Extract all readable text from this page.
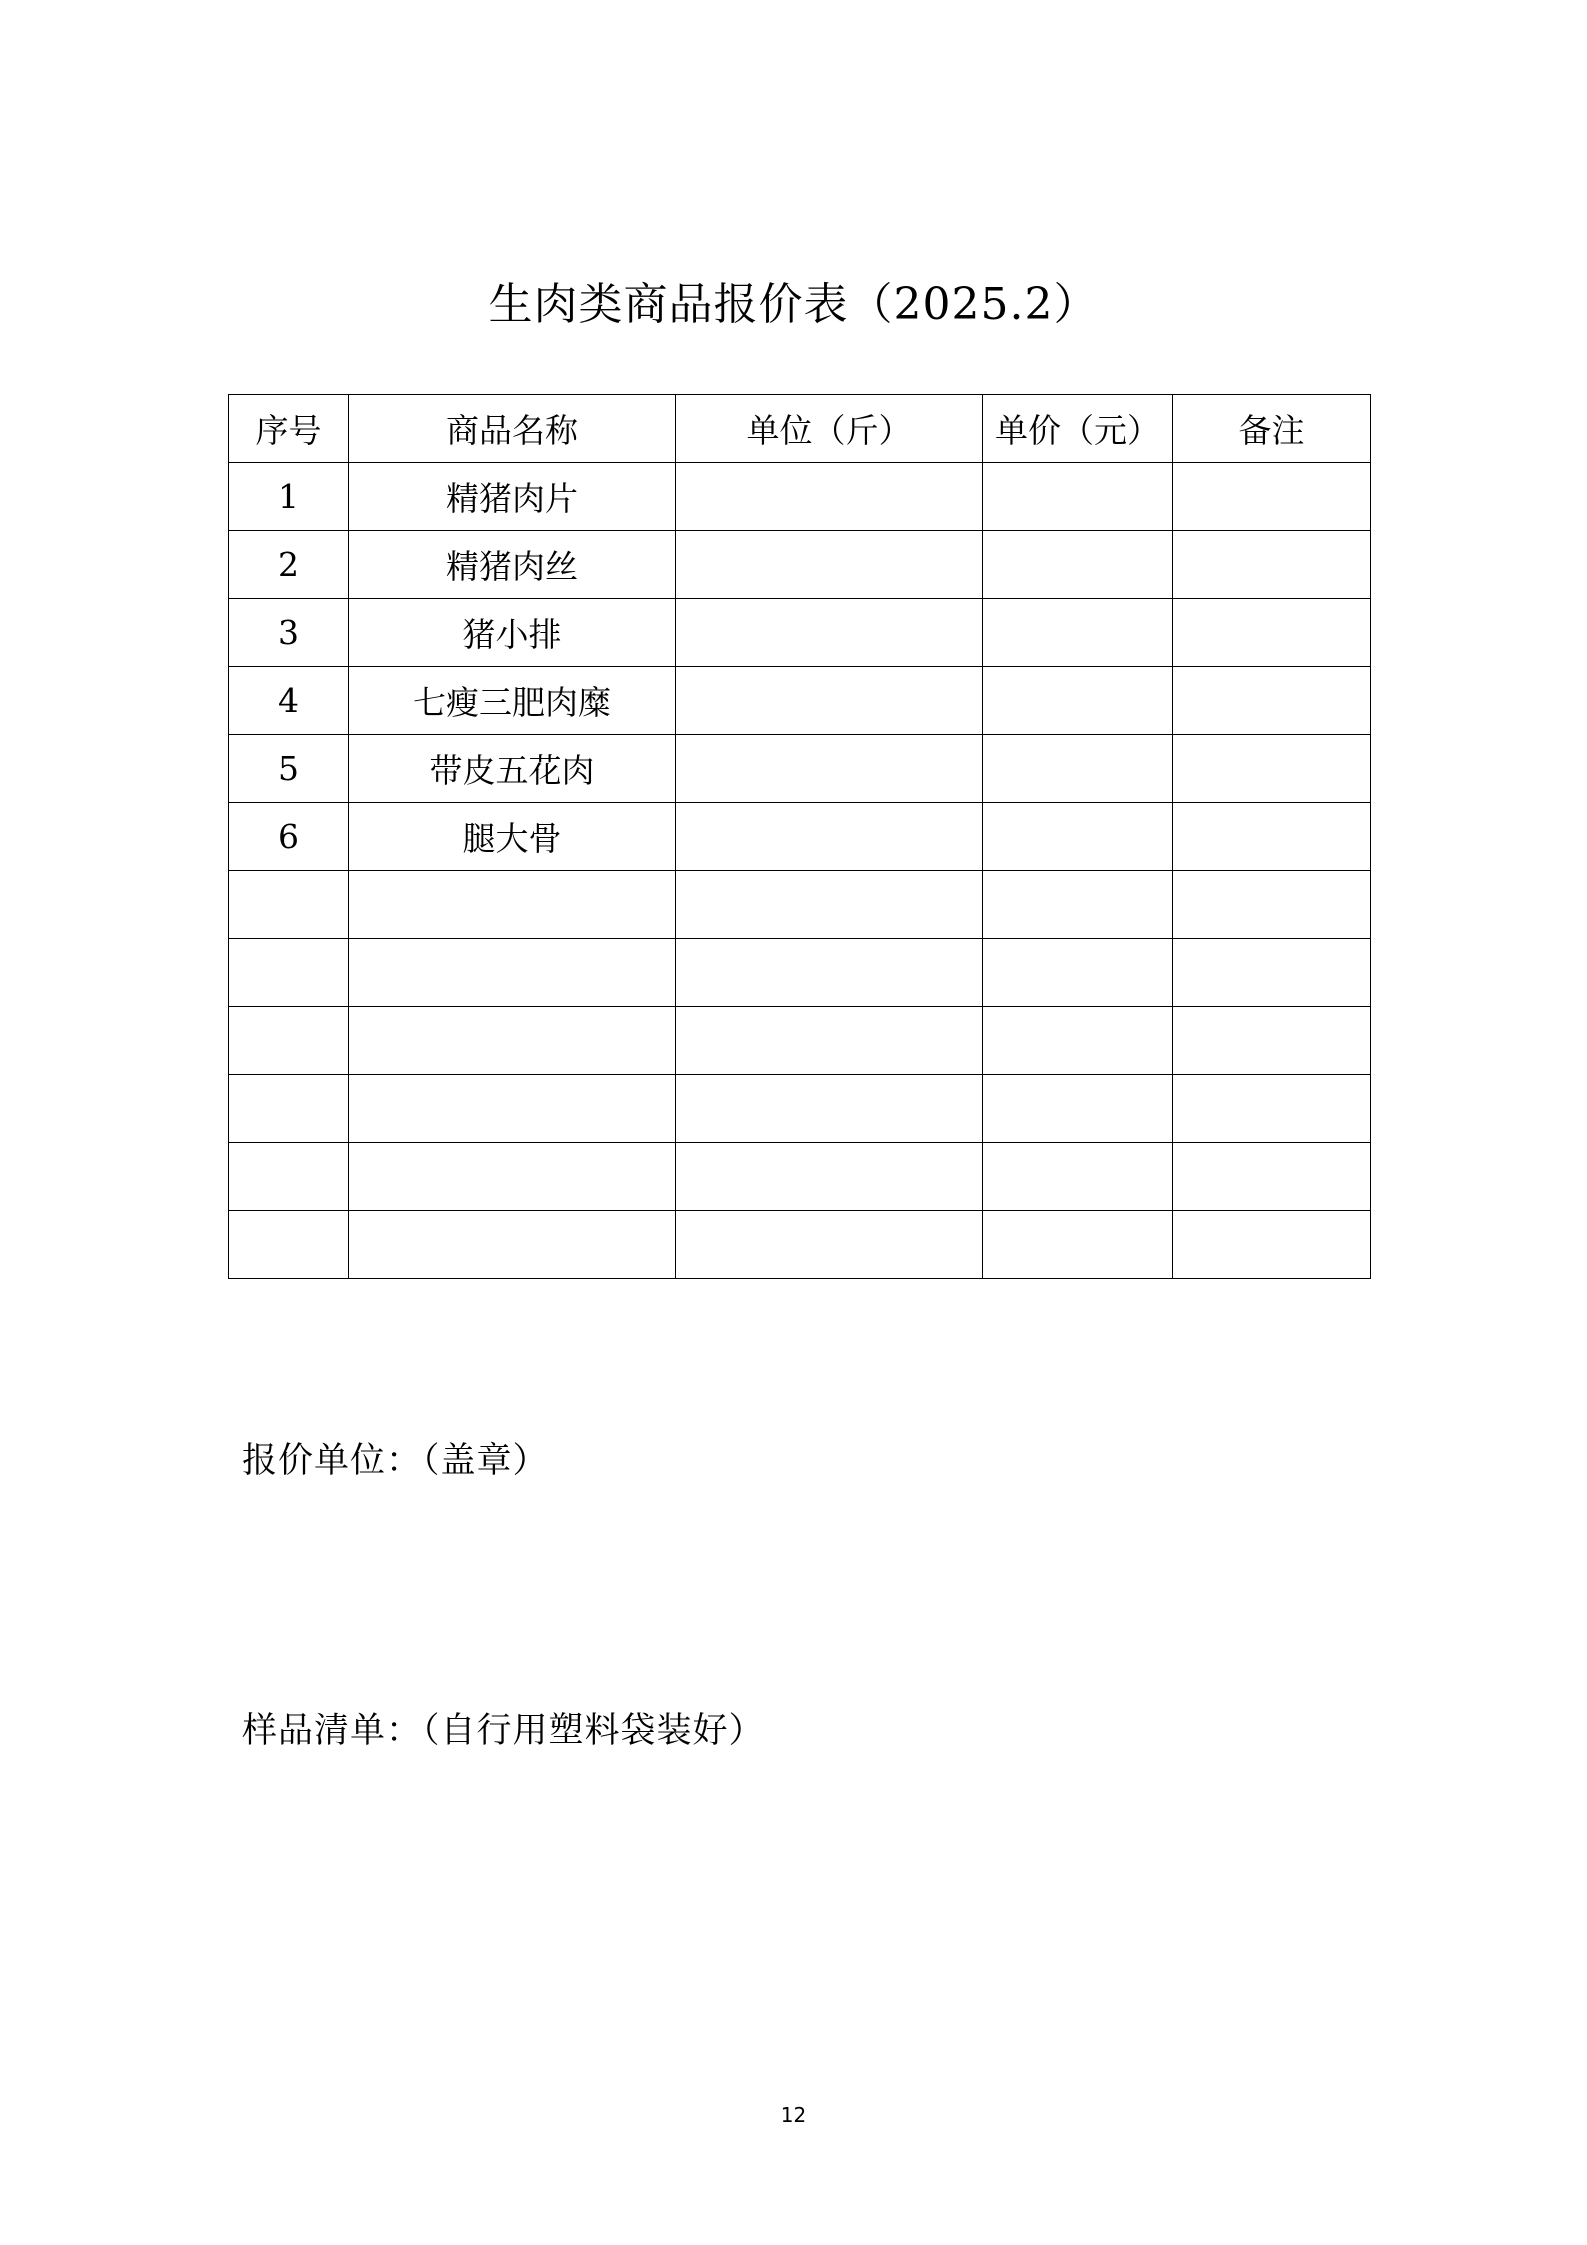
生肉类商品报价表（2025.2）
序号	商品名称	单位（斤）	单价（元）	备注
1	精猪肉片			
2	精猪肉丝			
3	猪小排			
4	七瘦三肥肉糜			
5	带皮五花肉			
6	腿大骨			

报价单位：（盖章）
样品清单：（自行用塑料袋装好）
12
